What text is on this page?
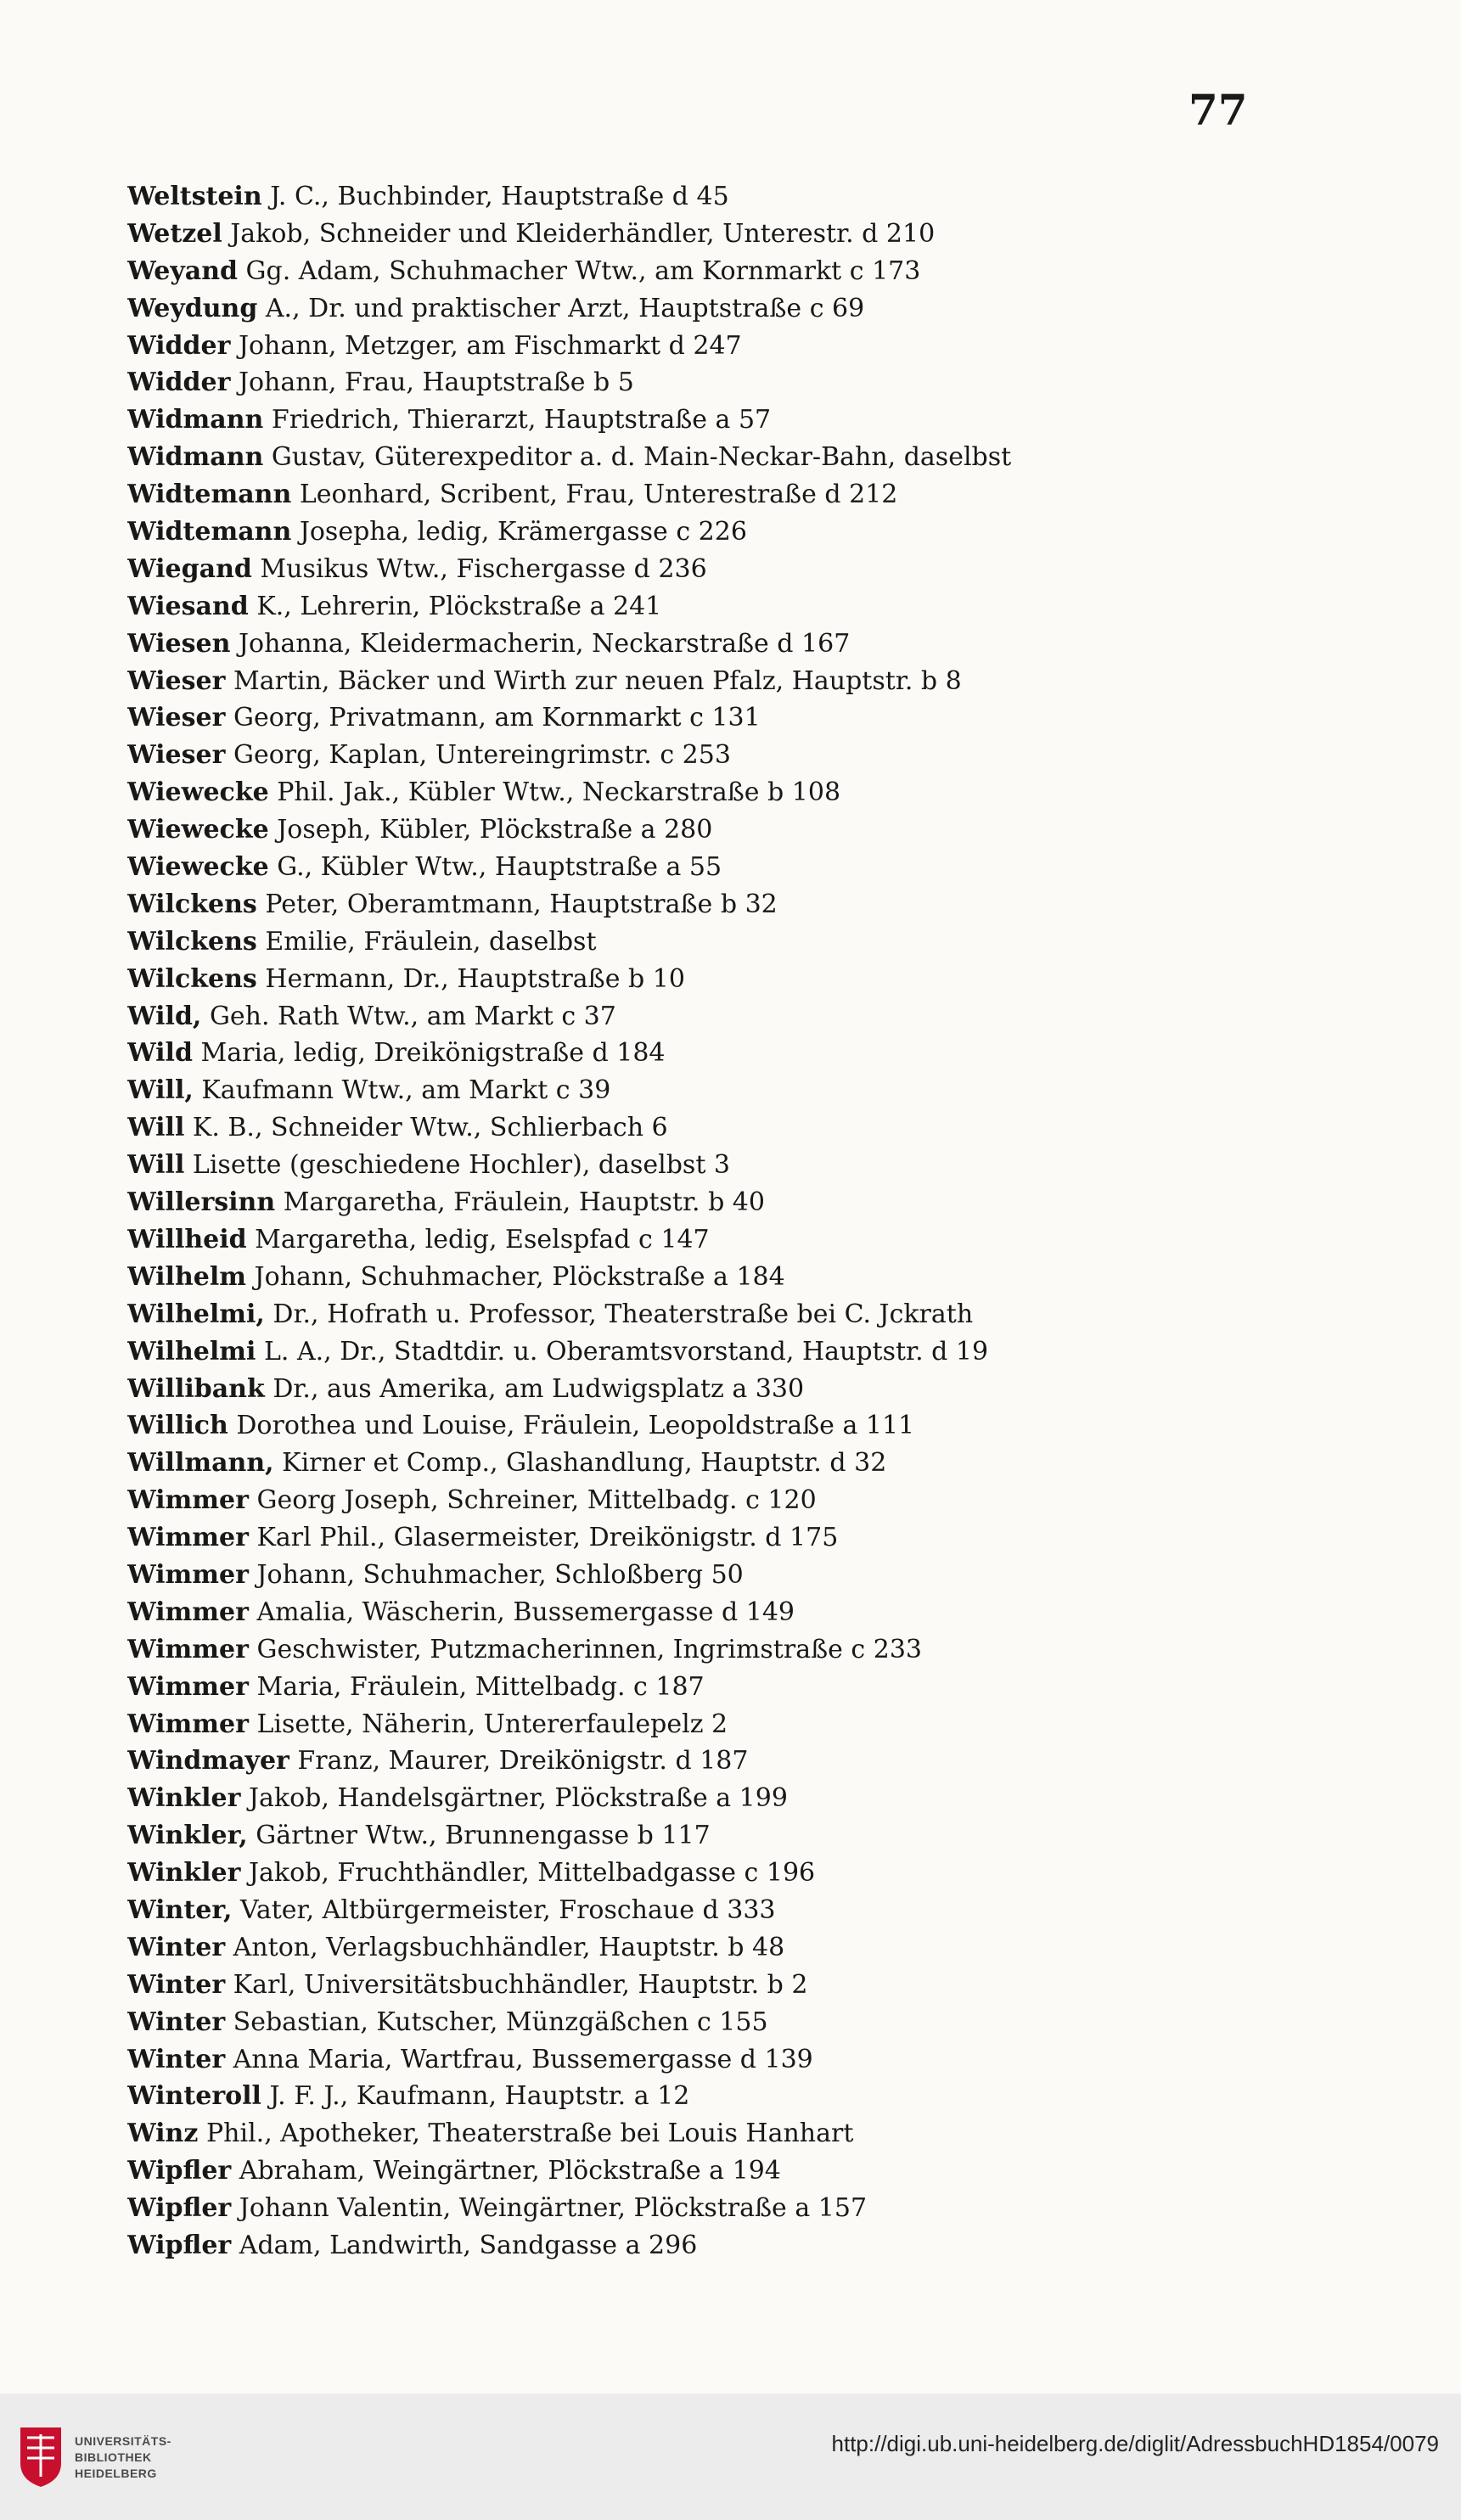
77
Weltstein J. C., Buchbinder, Hauptstraße d 45
Wetzel Jakob, Schneider und Kleiderhändler, Unterestr. d 210
Weyand Gg. Adam, Schuhmacher Wtw., am Kornmarkt c 173
Weydung A., Dr. und praktischer Arzt, Hauptstraße c 69
Widder Johann, Metzger, am Fischmarkt d 247
Widder Johann, Frau, Hauptstraße b 5
Widmann Friedrich, Thierarzt, Hauptstraße a 57
Widmann Gustav, Güterexpeditor a. d. Main-Neckar-Bahn, daselbst
Widtemann Leonhard, Scribent, Frau, Unterestraße d 212
Widtemann Josepha, ledig, Krämergasse c 226
Wiegand Musikus Wtw., Fischergasse d 236
Wiesand K., Lehrerin, Plöckstraße a 241
Wiesen Johanna, Kleidermacherin, Neckarstraße d 167
Wieser Martin, Bäcker und Wirth zur neuen Pfalz, Hauptstr. b 8
Wieser Georg, Privatmann, am Kornmarkt c 131
Wieser Georg, Kaplan, Untereingrimstr. c 253
Wiewecke Phil. Jak., Kübler Wtw., Neckarstraße b 108
Wiewecke Joseph, Kübler, Plöckstraße a 280
Wiewecke G., Kübler Wtw., Hauptstraße a 55
Wilckens Peter, Oberamtmann, Hauptstraße b 32
Wilckens Emilie, Fräulein, daselbst
Wilckens Hermann, Dr., Hauptstraße b 10
Wild, Geh. Rath Wtw., am Markt c 37
Wild Maria, ledig, Dreikönigstraße d 184
Will, Kaufmann Wtw., am Markt c 39
Will K. B., Schneider Wtw., Schlierbach 6
Will Lisette (geschiedene Hochler), daselbst 3
Willersinn Margaretha, Fräulein, Hauptstr. b 40
Willheid Margaretha, ledig, Eselspfad c 147
Wilhelm Johann, Schuhmacher, Plöckstraße a 184
Wilhelmi, Dr., Hofrath u. Professor, Theaterstraße bei C. Jckrath
Wilhelmi L. A., Dr., Stadtdir. u. Oberamtsvorstand, Hauptstr. d 19
Willibank Dr., aus Amerika, am Ludwigsplatz a 330
Willich Dorothea und Louise, Fräulein, Leopoldstraße a 111
Willmann, Kirner et Comp., Glashandlung, Hauptstr. d 32
Wimmer Georg Joseph, Schreiner, Mittelbadg. c 120
Wimmer Karl Phil., Glasermeister, Dreikönigstr. d 175
Wimmer Johann, Schuhmacher, Schloßberg 50
Wimmer Amalia, Wäscherin, Bussemergasse d 149
Wimmer Geschwister, Putzmacherinnen, Ingrimstraße c 233
Wimmer Maria, Fräulein, Mittelbadg. c 187
Wimmer Lisette, Näherin, Untererfaulepelz 2
Windmayer Franz, Maurer, Dreikönigstr. d 187
Winkler Jakob, Handelsgärtner, Plöckstraße a 199
Winkler, Gärtner Wtw., Brunnengasse b 117
Winkler Jakob, Fruchthändler, Mittelbadgasse c 196
Winter, Vater, Altbürgermeister, Froschaue d 333
Winter Anton, Verlagsbuchhändler, Hauptstr. b 48
Winter Karl, Universitätsbuchhändler, Hauptstr. b 2
Winter Sebastian, Kutscher, Münzgäßchen c 155
Winter Anna Maria, Wartfrau, Bussemergasse d 139
Winteroll J. F. J., Kaufmann, Hauptstr. a 12
Winz Phil., Apotheker, Theaterstraße bei Louis Hanhart
Wipfler Abraham, Weingärtner, Plöckstraße a 194
Wipfler Johann Valentin, Weingärtner, Plöckstraße a 157
Wipfler Adam, Landwirth, Sandgasse a 296
UNIVERSITÄTS-
BIBLIOTHEK
HEIDELBERG
http://digi.ub.uni-heidelberg.de/diglit/AdressbuchHD1854/0079
